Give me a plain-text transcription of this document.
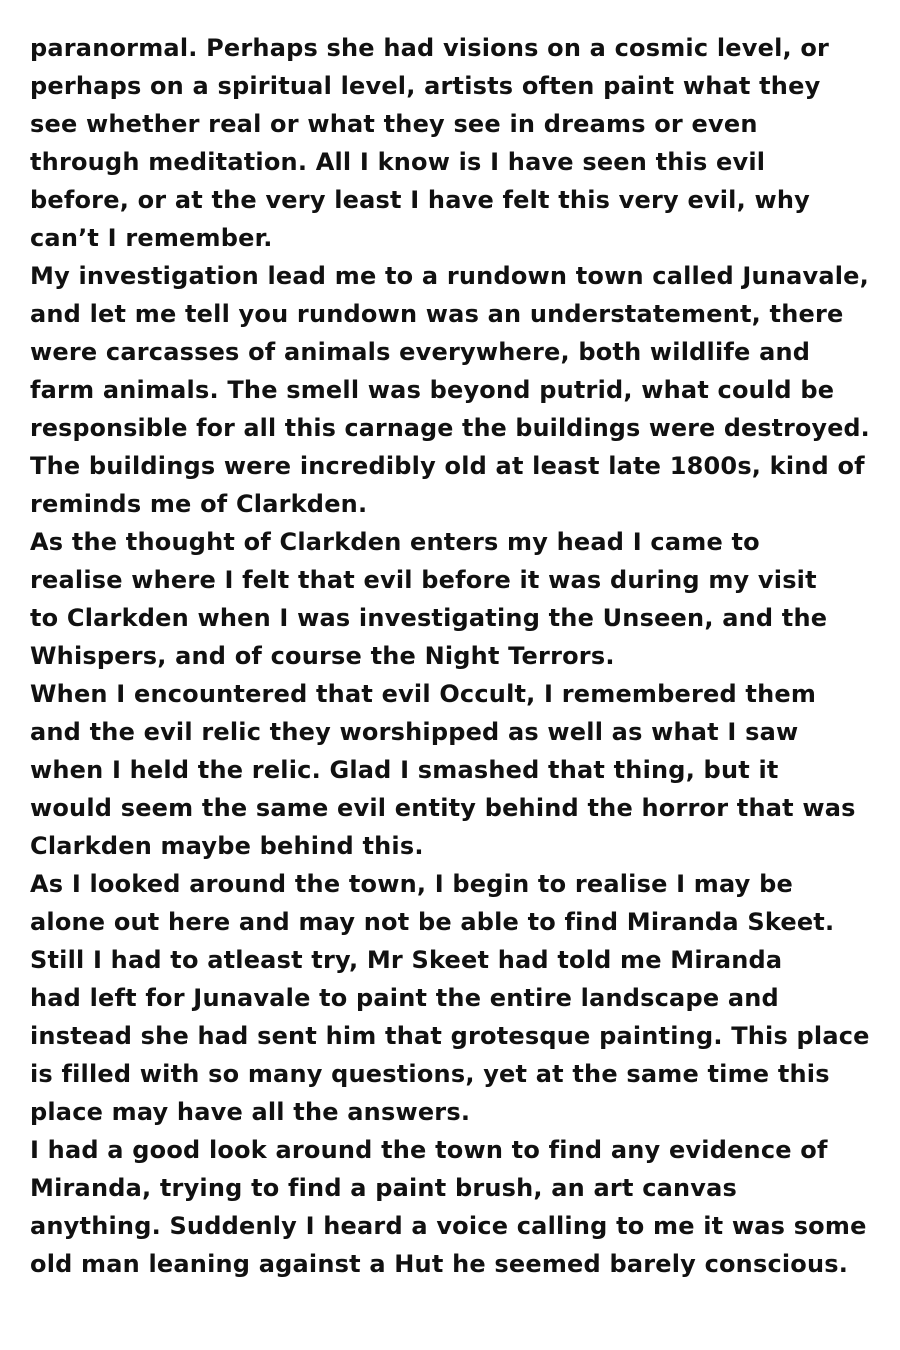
paranormal. Perhaps she had visions on a cosmic level, or
perhaps on a spiritual level, artists often paint what they
see whether real or what they see in dreams or even
through meditation. All I know is I have seen this evil
before, or at the very least I have felt this very evil, why
can’t I remember.
My investigation lead me to a rundown town called Junavale,
and let me tell you rundown was an understatement, there
were carcasses of animals everywhere, both wildlife and
farm animals. The smell was beyond putrid, what could be
responsible for all this carnage the buildings were destroyed.
The buildings were incredibly old at least late 1800s, kind of
reminds me of Clarkden.
As the thought of Clarkden enters my head I came to
realise where I felt that evil before it was during my visit
to Clarkden when I was investigating the Unseen, and the
Whispers, and of course the Night Terrors.
When I encountered that evil Occult, I remembered them
and the evil relic they worshipped as well as what I saw
when I held the relic. Glad I smashed that thing, but it
would seem the same evil entity behind the horror that was
Clarkden maybe behind this.
As I looked around the town, I begin to realise I may be
alone out here and may not be able to find Miranda Skeet.
Still I had to atleast try, Mr Skeet had told me Miranda
had left for Junavale to paint the entire landscape and
instead she had sent him that grotesque painting. This place
is filled with so many questions, yet at the same time this
place may have all the answers.
I had a good look around the town to find any evidence of
Miranda, trying to find a paint brush, an art canvas
anything. Suddenly I heard a voice calling to me it was some
old man leaning against a Hut he seemed barely conscious.
